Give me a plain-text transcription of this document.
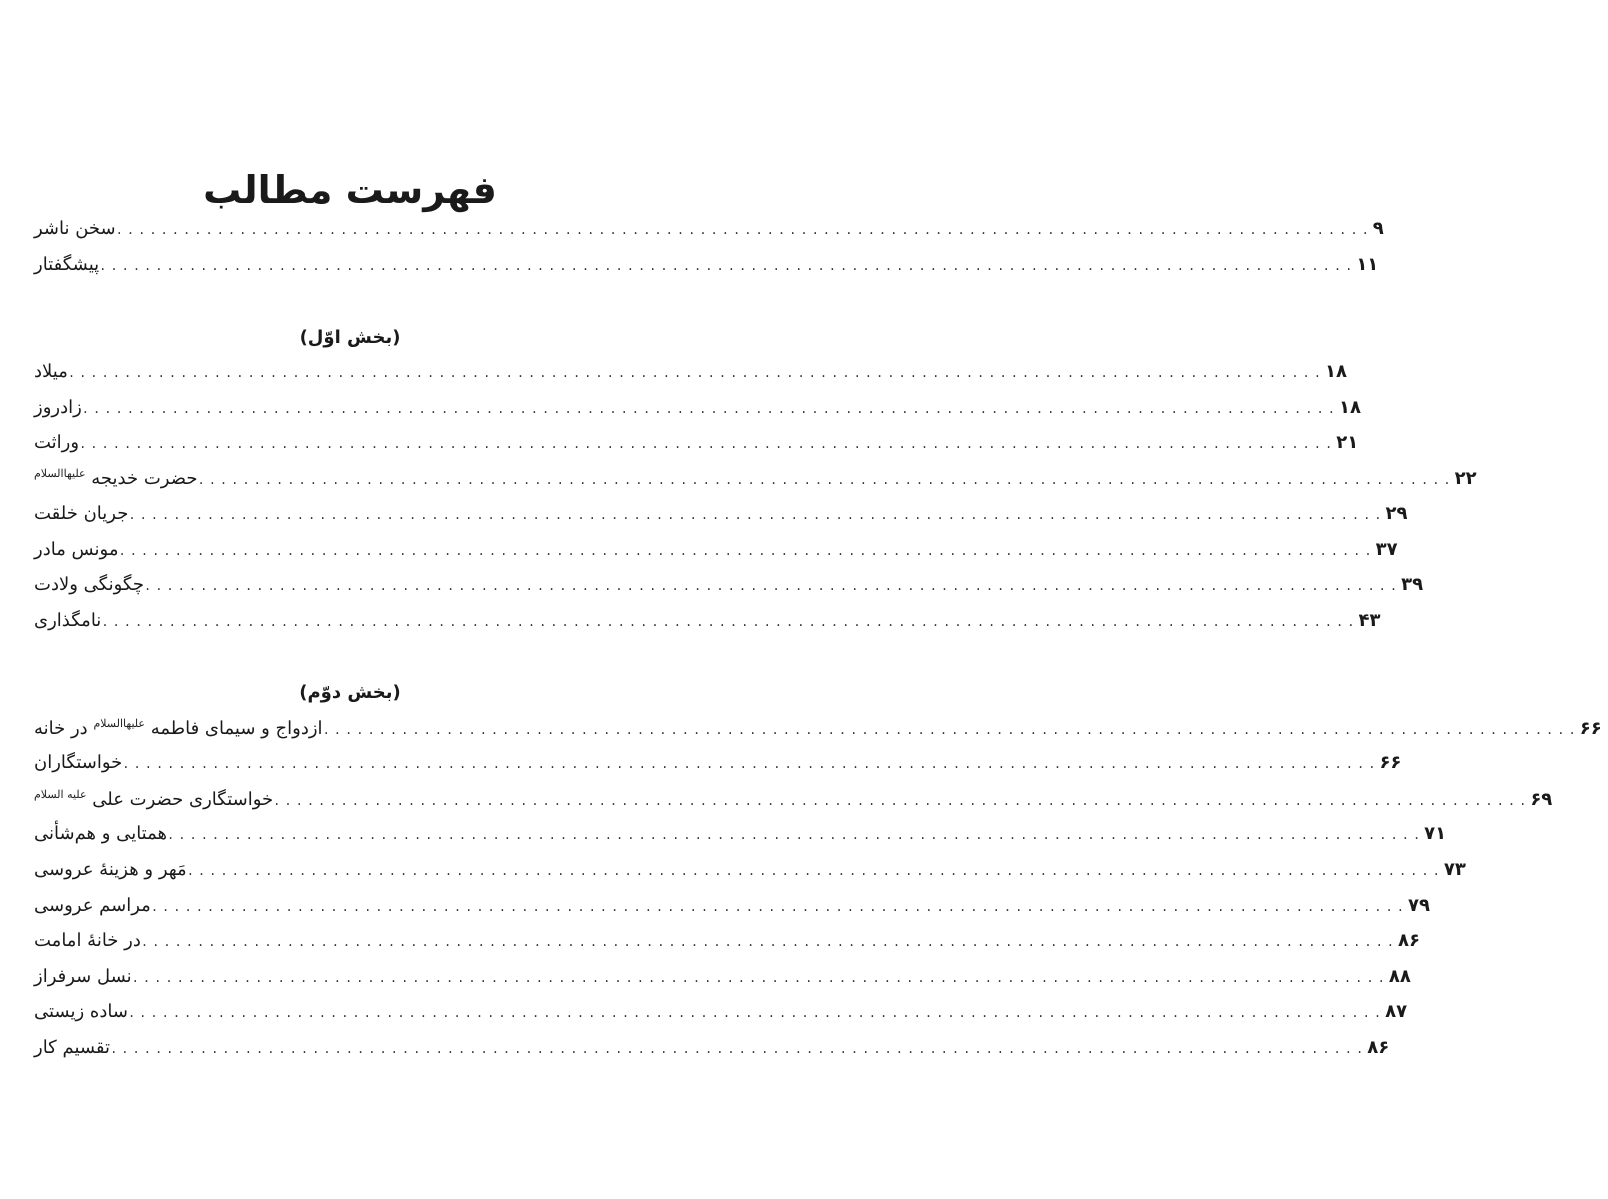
فهرست مطالب
سخن ناشر ................................................................................................................ ۹
پیشگفتار ................................................................................................................ ۱۱
(بخش اوّل)
میلاد ................................................................................................................ ۱۸
زادروز ................................................................................................................ ۱۸
وراثت ................................................................................................................ ۲۱
حضرت خدیجه $^{علیهاالسلام}$	................................................................................................................ ۲۲
جریان خلقت ................................................................................................................ ۲۹
مونس مادر ................................................................................................................ ۳۷
چگونگی ولادت ................................................................................................................ ۳۹
نامگذاری ................................................................................................................ ۴۳
(بخش دوّم)
ازدواج و سیمای فاطمه $^{علیهاالسلام}$ در خانه	................................................................................................................ ۶۶
خواستگاران ................................................................................................................ ۶۶
خواستگاری حضرت علی $^{علیه السلام}$	................................................................................................................ ۶۹
همتایی و هم‌شأنی ................................................................................................................ ۷۱
مَهر و هزینهٔ عروسی ................................................................................................................ ۷۳
مراسم عروسی ................................................................................................................ ۷۹
در خانهٔ امامت ................................................................................................................ ۸۶
نسل سرفراز ................................................................................................................ ۸۸
ساده زیستی ................................................................................................................ ۸۷
تقسیم کار ................................................................................................................ ۸۶
